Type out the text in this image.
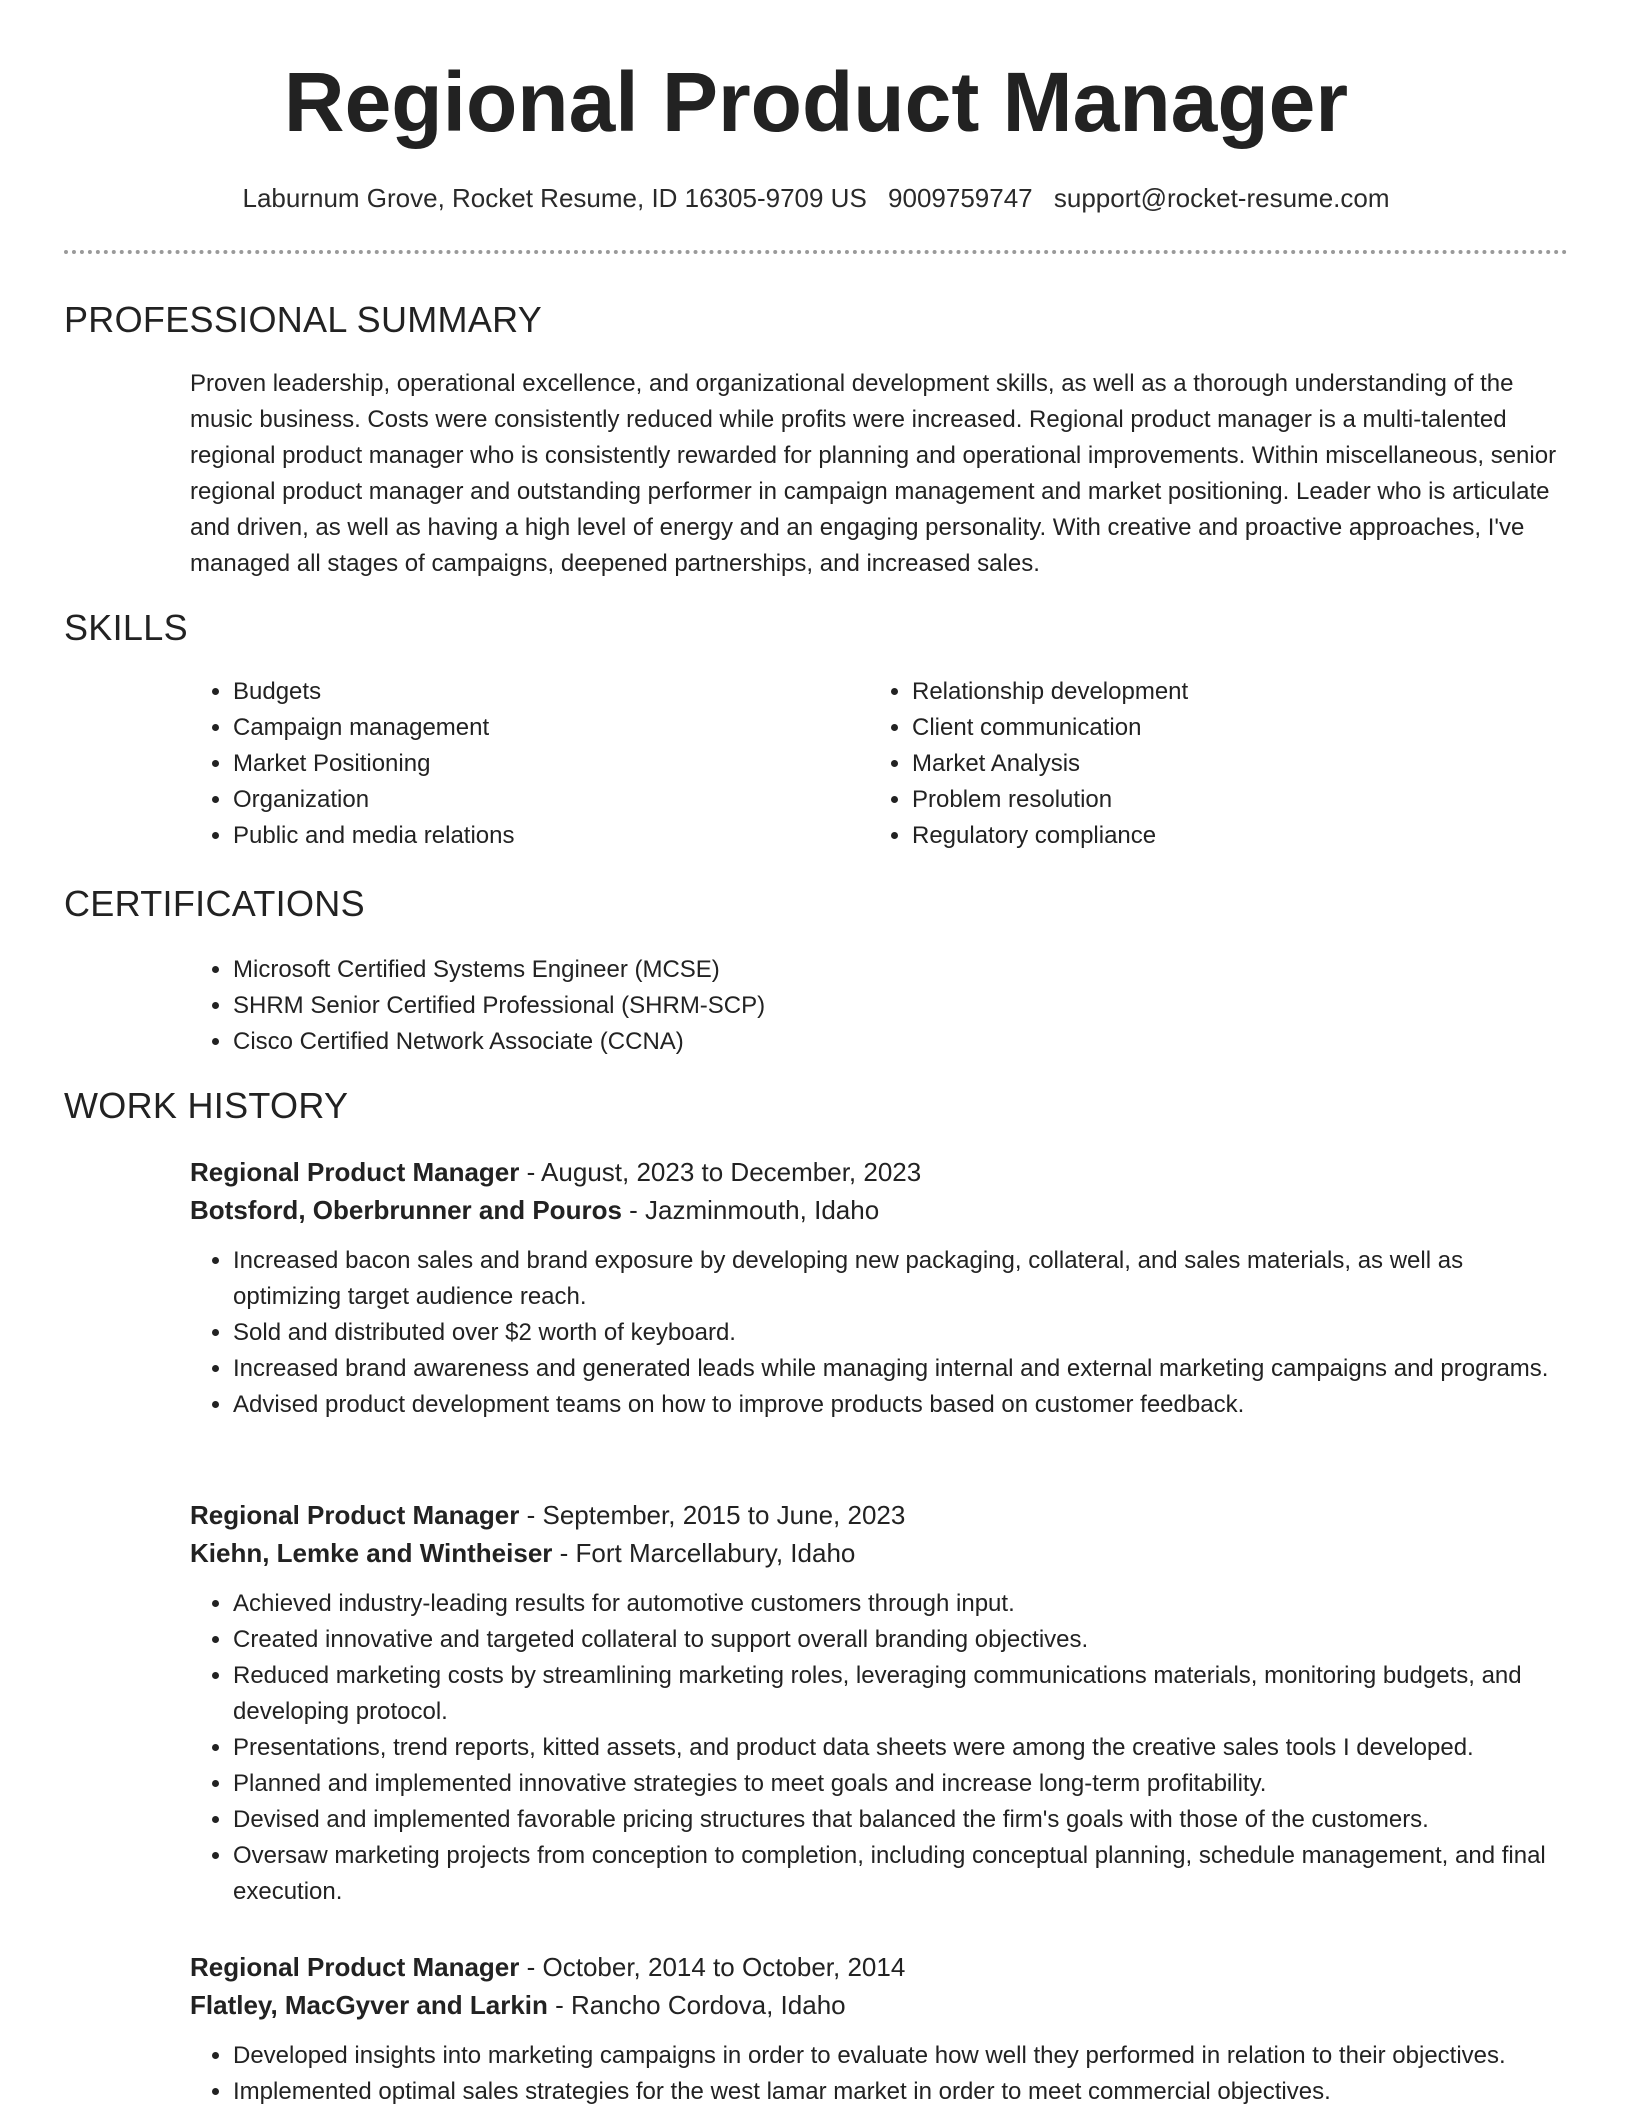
Regional Product Manager
Laburnum Grove, Rocket Resume, ID 16305-9709 US 9009759747 support@rocket-resume.com
PROFESSIONAL SUMMARY

Proven leadership, operational excellence, and organizational development skills, as well as a thorough understanding of the music business. Costs were consistently reduced while profits were increased. Regional product manager is a multi-talented regional product manager who is consistently rewarded for planning and operational improvements. Within miscellaneous, senior regional product manager and outstanding performer in campaign management and market positioning. Leader who is articulate and driven, as well as having a high level of energy and an engaging personality. With creative and proactive approaches, I've managed all stages of campaigns, deepened partnerships, and increased sales.

SKILLS
• Budgets
• Campaign management
• Market Positioning
• Organization
• Public and media relations
• Relationship development
• Client communication
• Market Analysis
• Problem resolution
• Regulatory compliance
CERTIFICATIONS
• Microsoft Certified Systems Engineer (MCSE)
• SHRM Senior Certified Professional (SHRM-SCP)
• Cisco Certified Network Associate (CCNA)
WORK HISTORY
Regional Product Manager - August, 2023 to December, 2023
Botsford, Oberbrunner and Pouros - Jazminmouth, Idaho
• Increased bacon sales and brand exposure by developing new packaging, collateral, and sales materials, as well as optimizing target audience reach.
• Sold and distributed over $2 worth of keyboard.
• Increased brand awareness and generated leads while managing internal and external marketing campaigns and programs.
• Advised product development teams on how to improve products based on customer feedback.
Regional Product Manager - September, 2015 to June, 2023
Kiehn, Lemke and Wintheiser - Fort Marcellabury, Idaho
• Achieved industry-leading results for automotive customers through input.
• Created innovative and targeted collateral to support overall branding objectives.
• Reduced marketing costs by streamlining marketing roles, leveraging communications materials, monitoring budgets, and developing protocol.
• Presentations, trend reports, kitted assets, and product data sheets were among the creative sales tools I developed.
• Planned and implemented innovative strategies to meet goals and increase long-term profitability.
• Devised and implemented favorable pricing structures that balanced the firm's goals with those of the customers.
• Oversaw marketing projects from conception to completion, including conceptual planning, schedule management, and final execution.
Regional Product Manager - October, 2014 to October, 2014
Flatley, MacGyver and Larkin - Rancho Cordova, Idaho
• Developed insights into marketing campaigns in order to evaluate how well they performed in relation to their objectives.
• Implemented optimal sales strategies for the west lamar market in order to meet commercial objectives.
